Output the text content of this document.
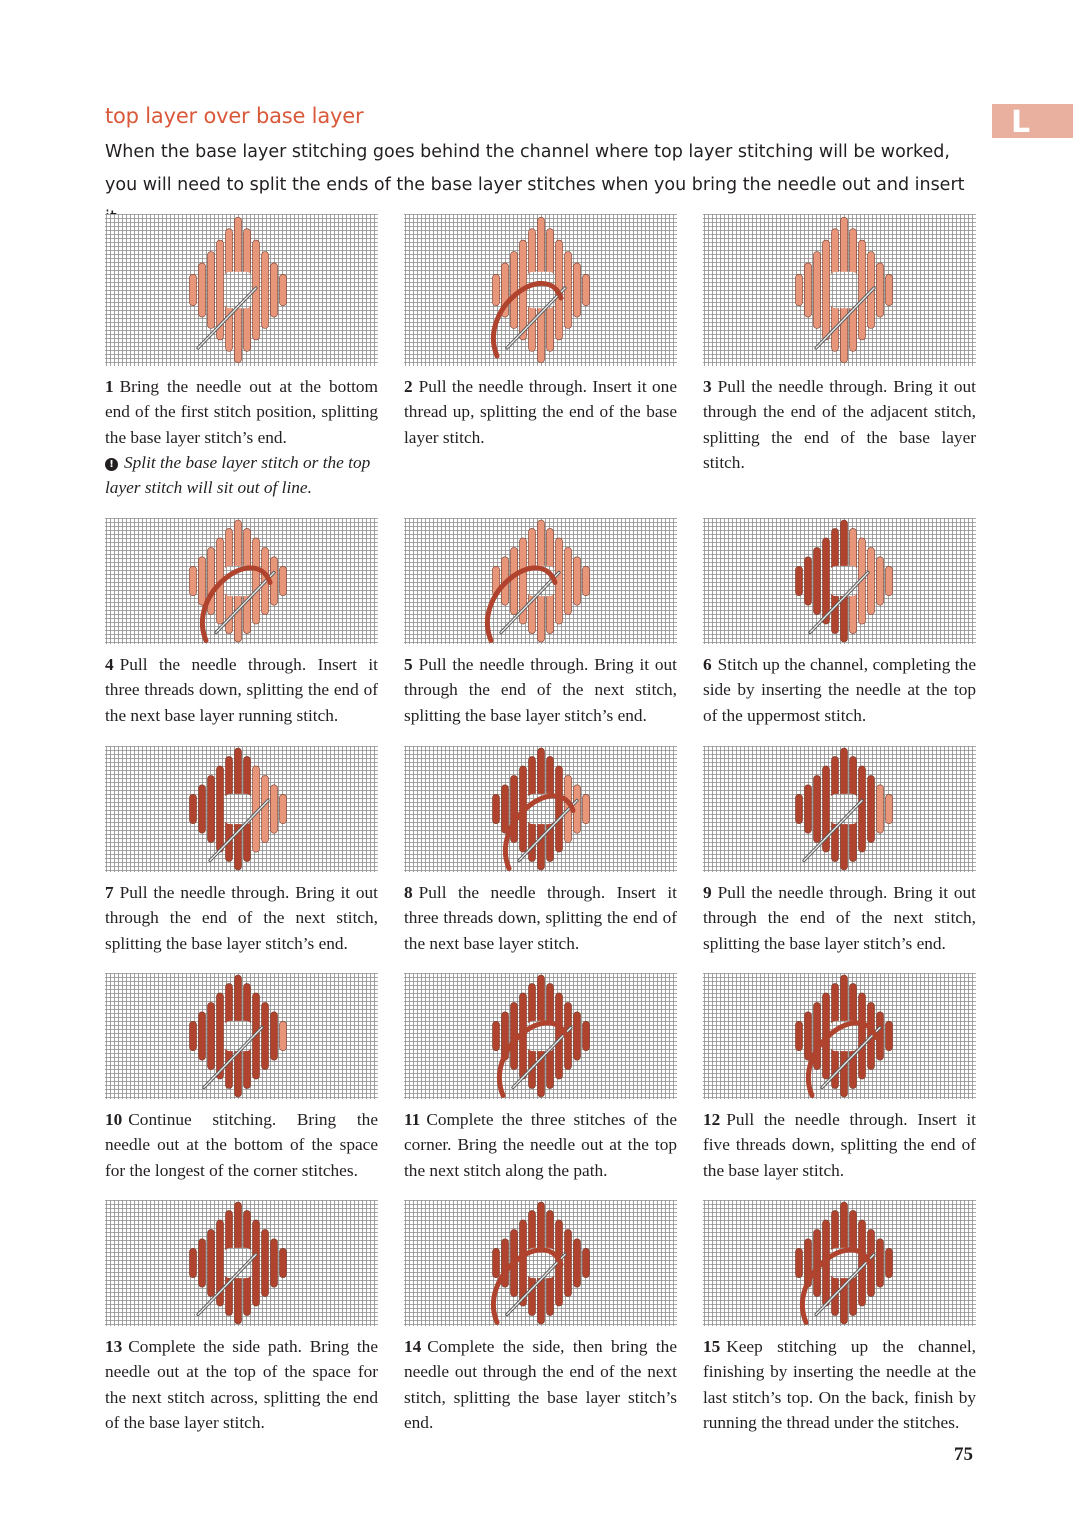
top layer over base layer	L

When the base layer stitching goes behind the channel where top layer stitching will be worked, you will need to split the ends of the base layer stitches when you bring the needle out and insert

1 Bring the needle out at the bottom end of the first stitch position, splitting the base layer stitch’s end.

! Split the base layer stitch or the top layer stitch will sit out of line.

2 Pull the needle through. Insert it one thread up, splitting the end of the base layer stitch.

3 Pull the needle through. Bring it out through the end of the adjacent stitch, splitting the end of the base layer stitch.

4 Pull the needle through. Insert it three threads down, splitting the end of the next base layer running stitch.

5 Pull the needle through. Bring it out through the end of the next stitch, splitting the base layer stitch’s end.

6 Stitch up the channel, completing the side by inserting the needle at the top of the uppermost stitch.

7 Pull the needle through. Bring it out through the end of the next stitch, splitting the base layer stitch’s end.

8 Pull the needle through. Insert it three threads down, splitting the end of the next base layer stitch.

9 Pull the needle through. Bring it out through the end of the next stitch, splitting the base layer stitch’s end.

10 Continue stitching. Bring the needle out at the bottom of the space for the longest of the corner stitches.

11 Complete the three stitches of the corner. Bring the needle out at the top the next stitch along the path.

12 Pull the needle through. Insert it five threads down, splitting the end of the base layer stitch.

13 Complete the side path. Bring the needle out at the top of the space for the next stitch across, splitting the end of the base layer stitch.

14 Complete the side, then bring the needle out through the end of the next stitch, splitting the base layer stitch’s end.

15 Keep stitching up the channel, finishing by inserting the needle at the last stitch’s top. On the back, finish by running the thread under the stitches.

75
